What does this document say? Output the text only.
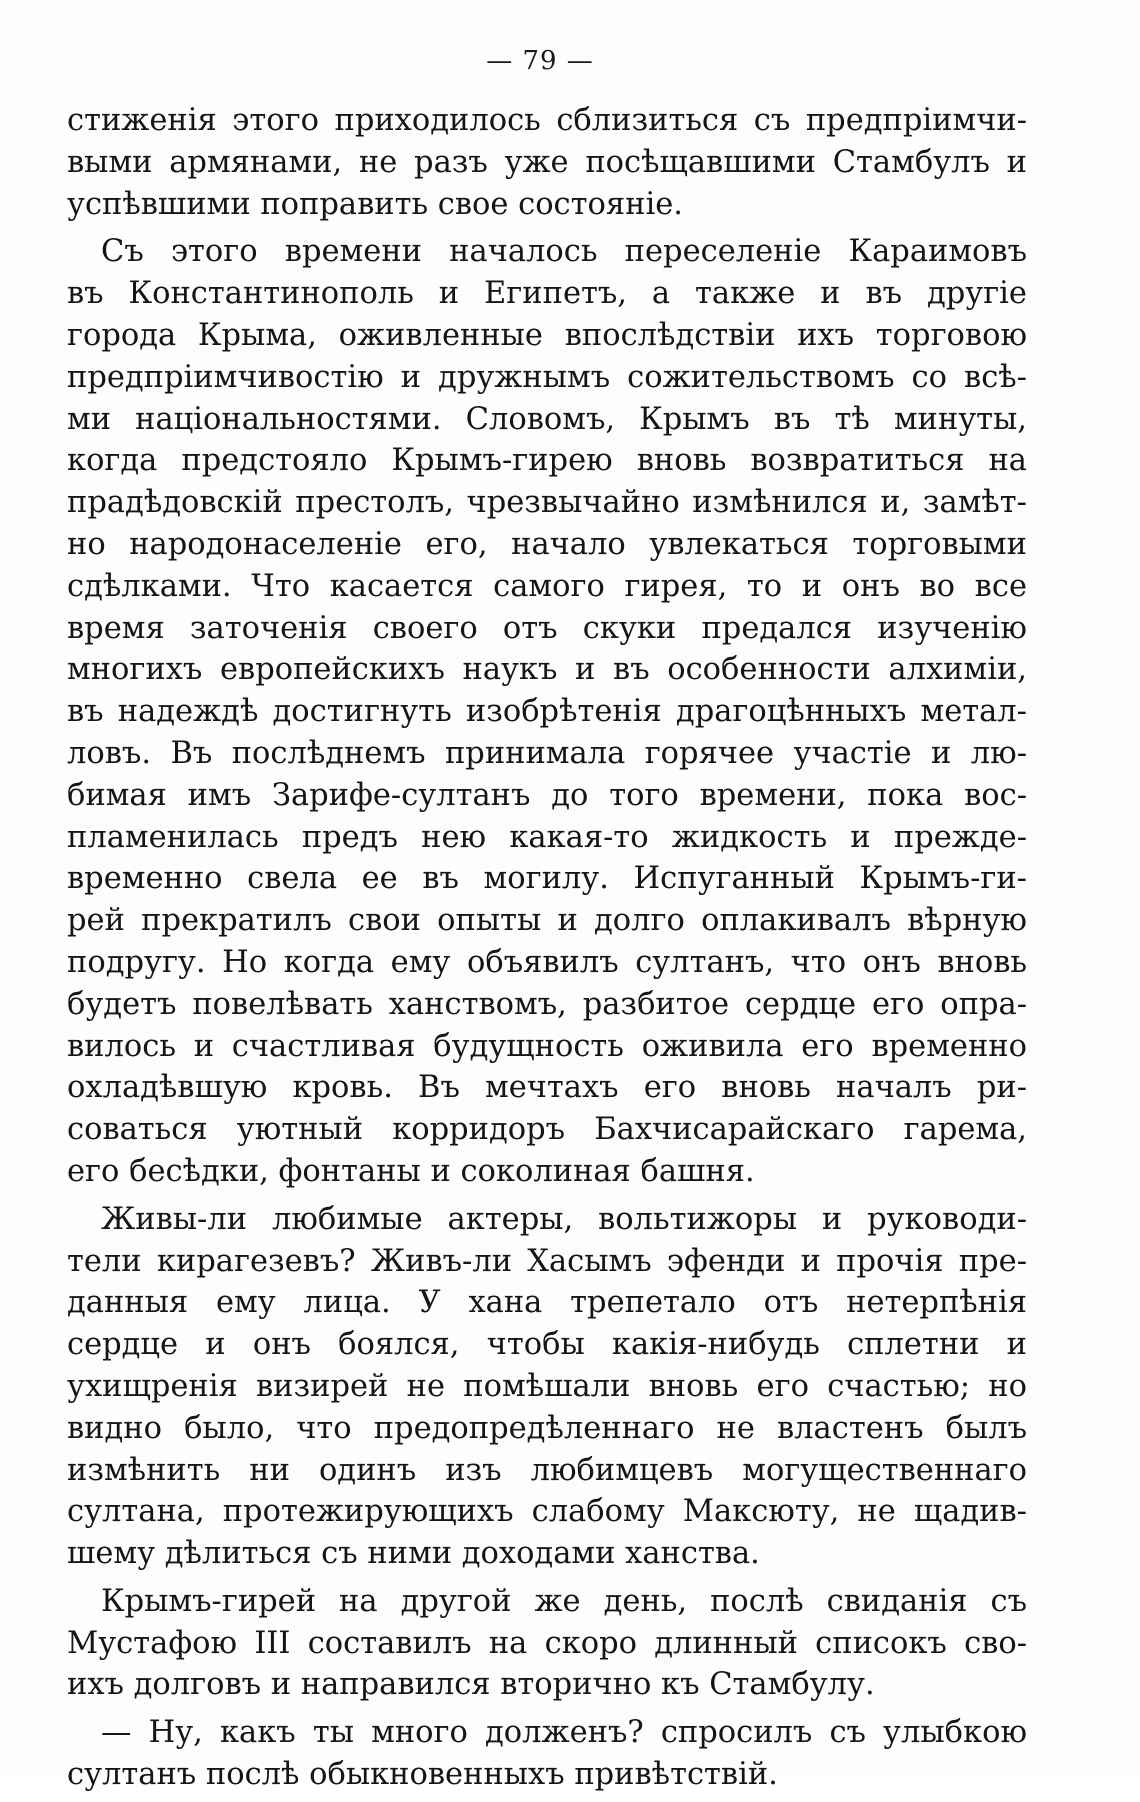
— 79 —
стиженія этого приходилось сблизиться съ предпріимчи-
выми армянами, не разъ уже посѣщавшими Стамбулъ и
успѣвшими поправить свое состояніе.
Съ этого времени началось переселеніе Караимовъ
въ Константинополь и Египетъ, а также и въ другіе
города Крыма, оживленные впослѣдствіи ихъ торговою
предпріимчивостію и дружнымъ сожительствомъ со всѣ-
ми національностями. Словомъ, Крымъ въ тѣ минуты,
когда предстояло Крымъ-гирею вновь возвратиться на
прадѣдовскій престолъ, чрезвычайно измѣнился и, замѣт-
но народонаселеніе его, начало увлекаться торговыми
сдѣлками. Что касается самого гирея, то и онъ во все
время заточенія своего отъ скуки предался изученію
многихъ европейскихъ наукъ и въ особенности алхиміи,
въ надеждѣ достигнуть изобрѣтенія драгоцѣнныхъ метал-
ловъ. Въ послѣднемъ принимала горячее участіе и лю-
бимая имъ Зарифе-султанъ до того времени, пока вос-
пламенилась предъ нею какая-то жидкость и прежде-
временно свела ее въ могилу. Испуганный Крымъ-ги-
рей прекратилъ свои опыты и долго оплакивалъ вѣрную
подругу. Но когда ему объявилъ султанъ, что онъ вновь
будетъ повелѣвать ханствомъ, разбитое сердце его опра-
вилось и счастливая будущность оживила его временно
охладѣвшую кровь. Въ мечтахъ его вновь началъ ри-
соваться уютный корридоръ Бахчисарайскаго гарема,
его бесѣдки, фонтаны и соколиная башня.
Живы-ли любимые актеры, вольтижоры и руководи-
тели кирагезевъ? Живъ-ли Хасымъ эфенди и прочія пре-
данныя ему лица. У хана трепетало отъ нетерпѣнія
сердце и онъ боялся, чтобы какія-нибудь сплетни и
ухищренія визирей не помѣшали вновь его счастью; но
видно было, что предопредѣленнаго не властенъ былъ
измѣнить ни одинъ изъ любимцевъ могущественнаго
султана, протежирующихъ слабому Максюту, не щадив-
шему дѣлиться съ ними доходами ханства.
Крымъ-гирей на другой же день, послѣ свиданія съ
Мустафою III составилъ на скоро длинный списокъ сво-
ихъ долговъ и направился вторично къ Стамбулу.
— Ну, какъ ты много долженъ? спросилъ съ улыбкою
султанъ послѣ обыкновенныхъ привѣтствій.
